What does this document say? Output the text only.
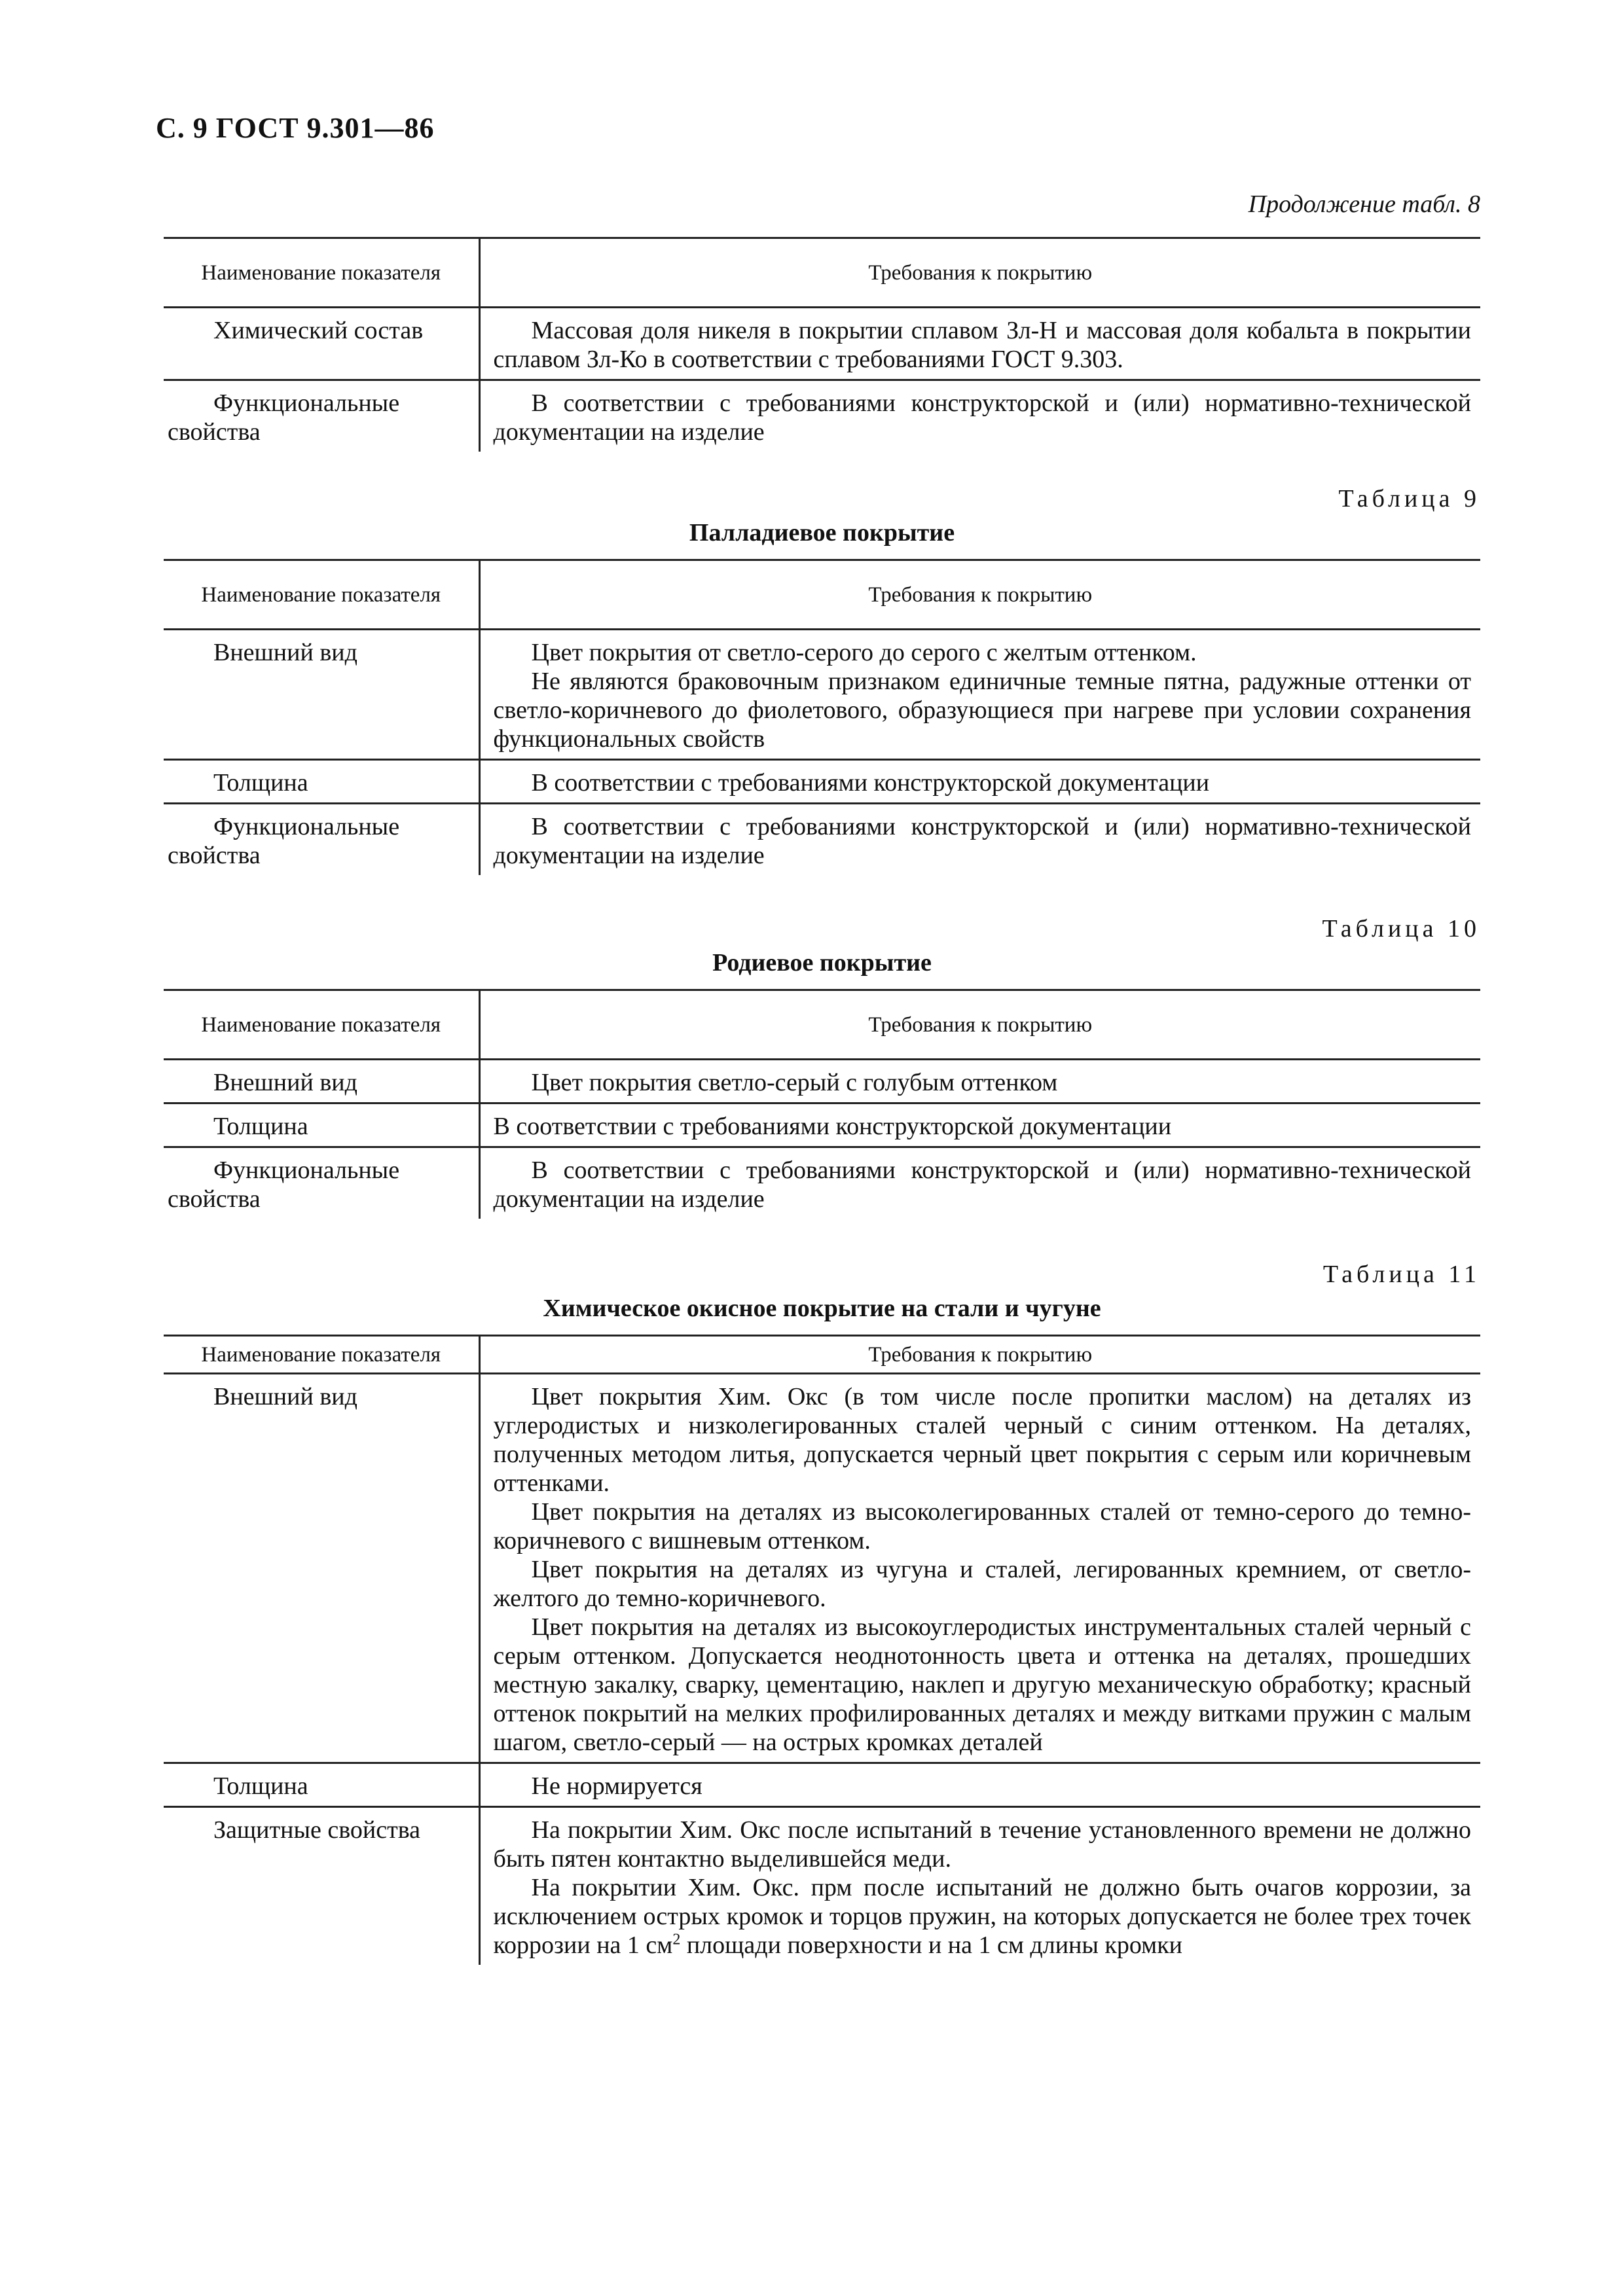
С. 9 ГОСТ 9.301—86
Продолжение табл. 8
Наименование показателя	Требования к покрытию
Химический состав	Массовая доля никеля в покрытии сплавом Зл-Н и массовая доля кобальта в покрытии сплавом Зл-Ко в соответствии с требованиями ГОСТ 9.303.

Функциональные свойства	В соответствии с требованиями конструкторской и (или) нормативно-технической документации на изделие

Таблица 9
Палладиевое покрытие
Наименование показателя	Требования к покрытию
Внешний вид	Цвет покрытия от светло-серого до серого с желтым оттенком.

Не являются браковочным признаком единичные темные пятна, радужные оттенки от светло-коричневого до фиолетового, образующиеся при нагреве при условии сохранения функциональных свойств

Толщина	В соответствии с требованиями конструкторской документации

Функциональные свойства	В соответствии с требованиями конструкторской и (или) нормативно-технической документации на изделие

Таблица 10
Родиевое покрытие
Наименование показателя	Требования к покрытию
Внешний вид	Цвет покрытия светло-серый с голубым оттенком

Толщина	В соответствии с требованиями конструкторской документации

Функциональные свойства	В соответствии с требованиями конструкторской и (или) нормативно-технической документации на изделие

Таблица 11
Химическое окисное покрытие на стали и чугуне
Наименование показателя	Требования к покрытию
Внешний вид	Цвет покрытия Хим. Окс (в том числе после пропитки маслом) на деталях из углеродистых и низколегированных сталей черный с синим оттенком. На деталях, полученных методом литья, допускается черный цвет покрытия с серым или коричневым оттенками.

Цвет покрытия на деталях из высоколегированных сталей от темно-серого до темно-коричневого с вишневым оттенком.

Цвет покрытия на деталях из чугуна и сталей, легированных кремнием, от светло-желтого до темно-коричневого.

Цвет покрытия на деталях из высокоуглеродистых инструментальных сталей черный с серым оттенком. Допускается неоднотонность цвета и оттенка на деталях, прошедших местную закалку, сварку, цементацию, наклеп и другую механическую обработку; красный оттенок покрытий на мелких профилированных деталях и между витками пружин с малым шагом, светло-серый — на острых кромках деталей

Толщина	Не нормируется

Защитные свойства	На покрытии Хим. Окс после испытаний в течение установленного времени не должно быть пятен контактно выделившейся меди.

На покрытии Хим. Окс. прм после испытаний не должно быть очагов коррозии, за исключением острых кромок и торцов пружин, на которых допускается не более трех точек коррозии на 1 $см^2$ площади поверхности и на 1 см длины кромки
